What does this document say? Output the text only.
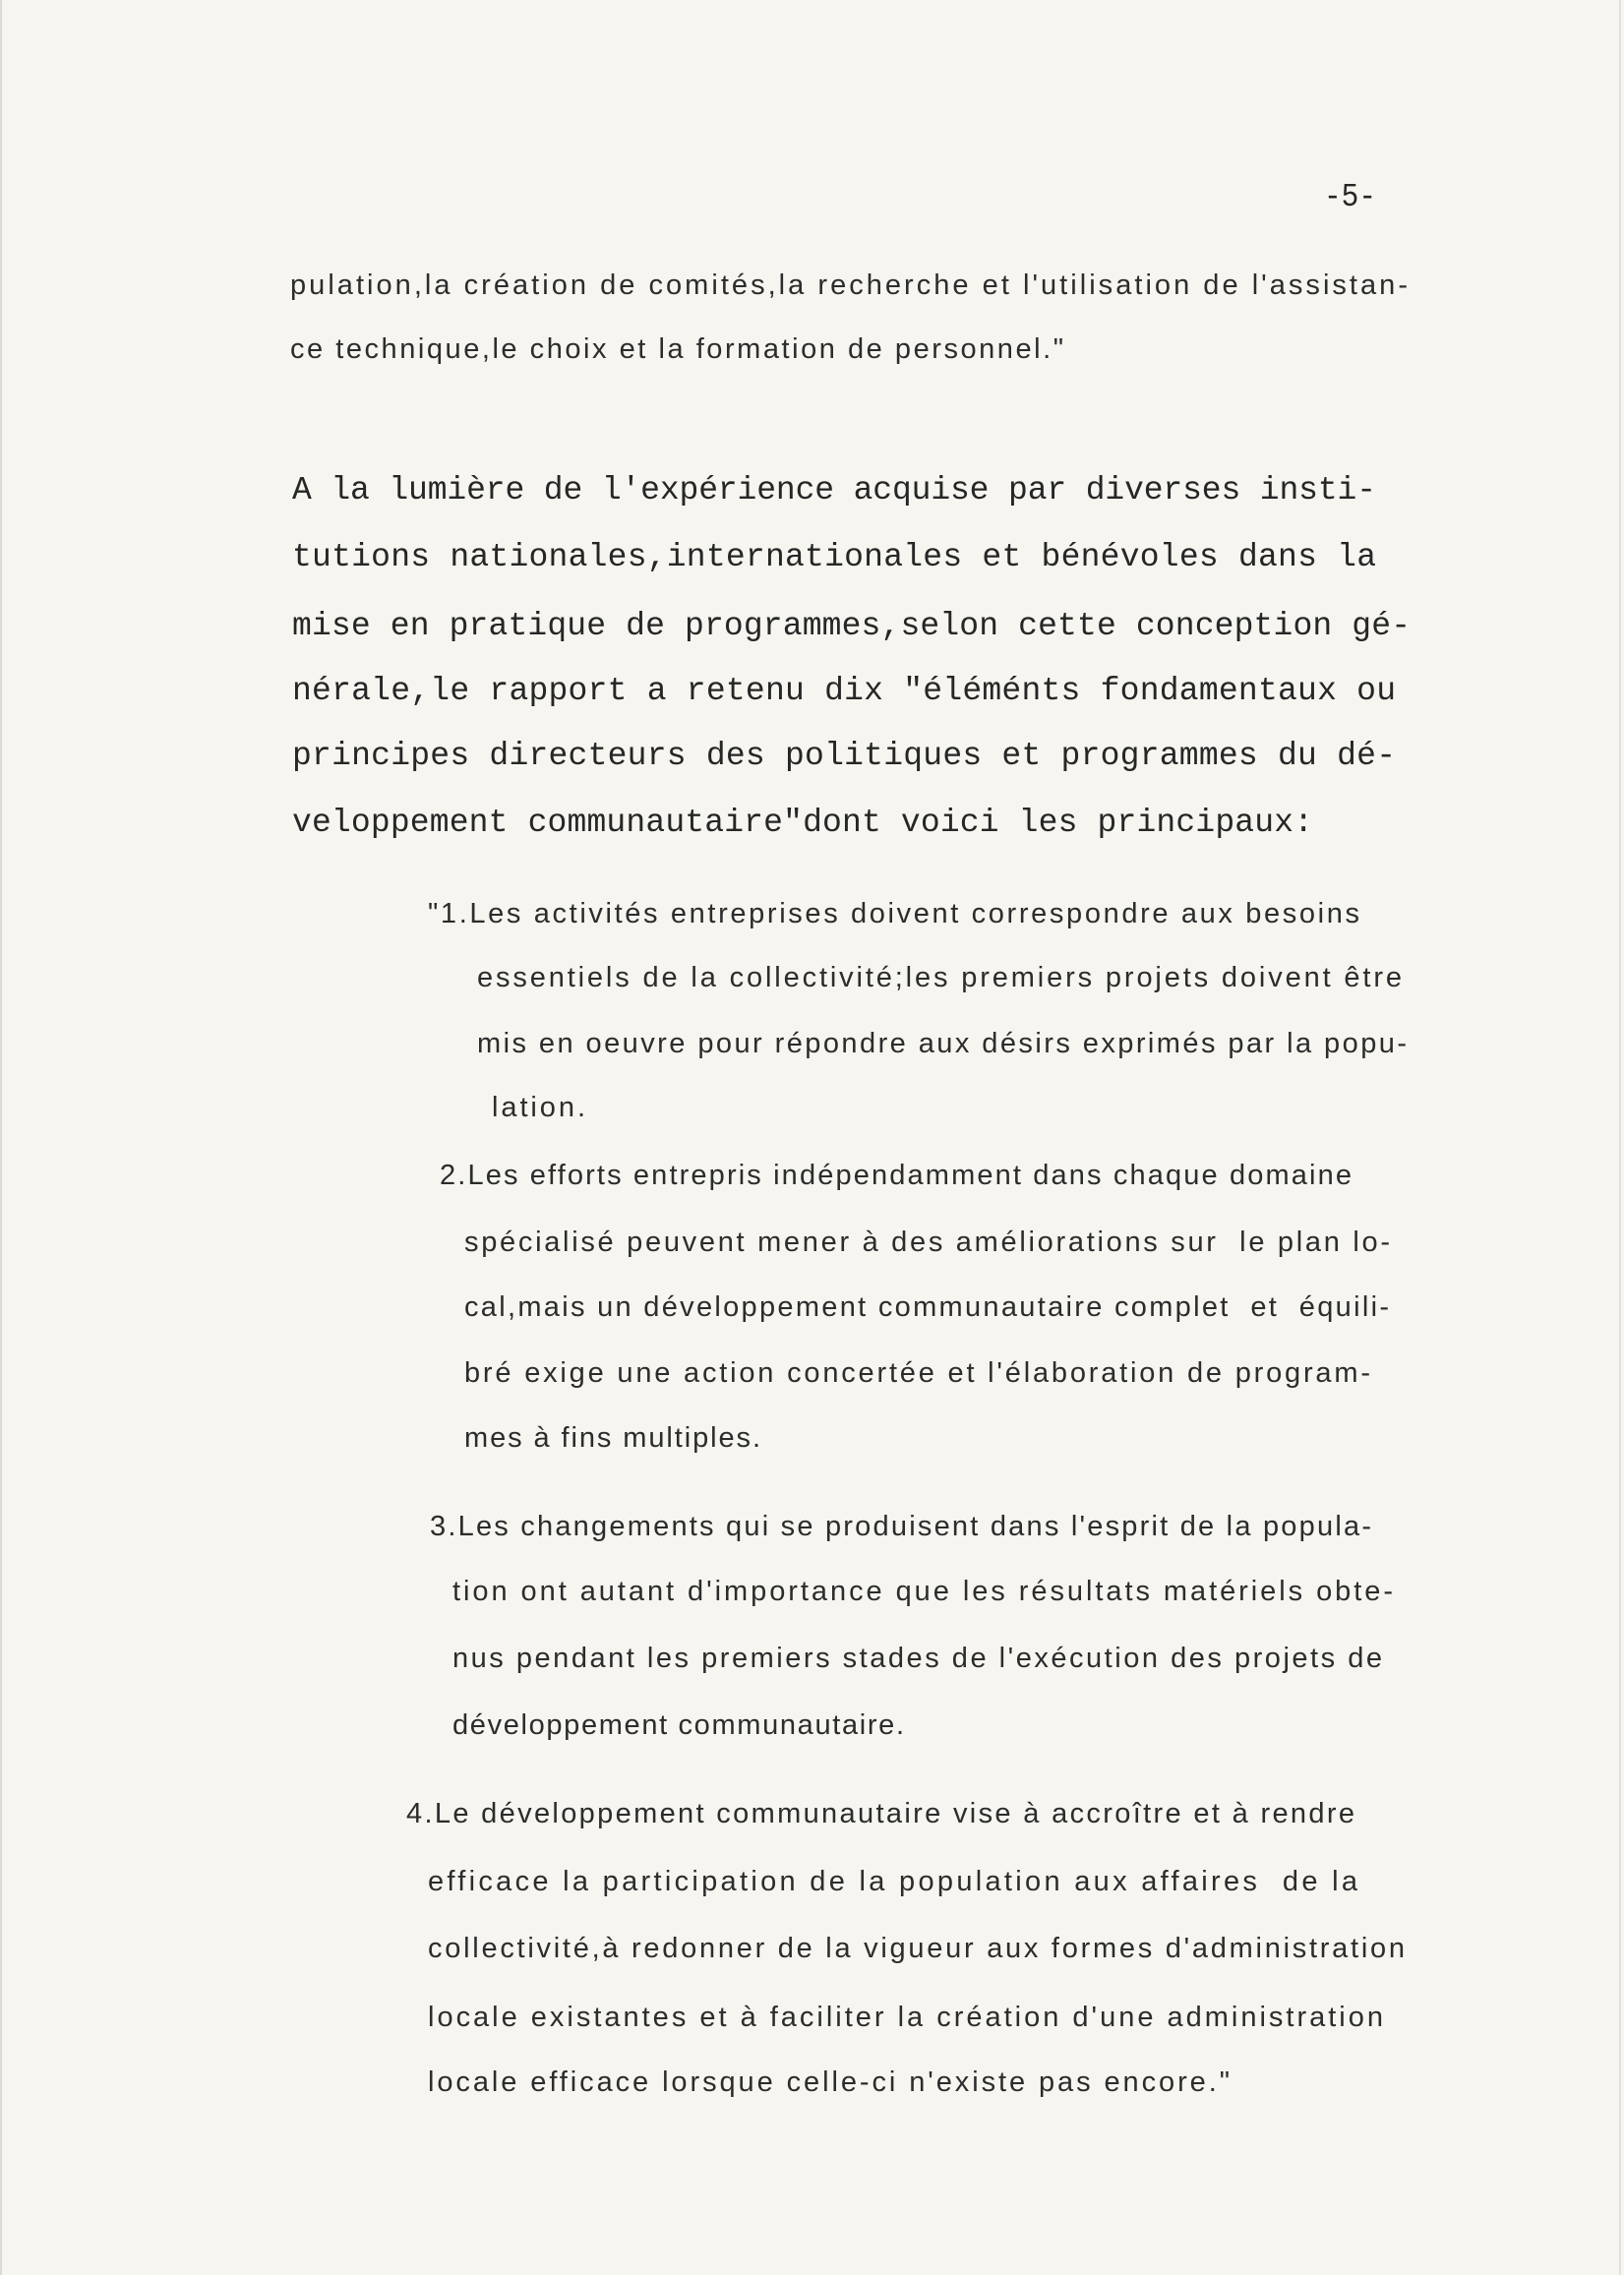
-5-
pulation,la création de comités,la recherche et l'utilisation de l'assistan-
ce technique,le choix et la formation de personnel."
A la lumière de l'expérience acquise par diverses insti-
tutions nationales,internationales et bénévoles dans la
mise en pratique de programmes,selon cette conception gé-
nérale,le rapport a retenu dix "éléménts fondamentaux ou
principes directeurs des politiques et programmes du dé-
veloppement communautaire"dont voici les principaux:
"1.Les activités entreprises doivent correspondre aux besoins
essentiels de la collectivité;les premiers projets doivent être
mis en oeuvre pour répondre aux désirs exprimés par la popu-
lation.
2.Les efforts entrepris indépendamment dans chaque domaine
spécialisé peuvent mener à des améliorations sur  le plan lo-
cal,mais un développement communautaire complet  et  équili-
bré exige une action concertée et l'élaboration de program-
mes à fins multiples.
3.Les changements qui se produisent dans l'esprit de la popula-
tion ont autant d'importance que les résultats matériels obte-
nus pendant les premiers stades de l'exécution des projets de
développement communautaire.
4.Le développement communautaire vise à accroître et à rendre
efficace la participation de la population aux affaires  de la
collectivité,à redonner de la vigueur aux formes d'administration
locale existantes et à faciliter la création d'une administration
locale efficace lorsque celle-ci n'existe pas encore."
